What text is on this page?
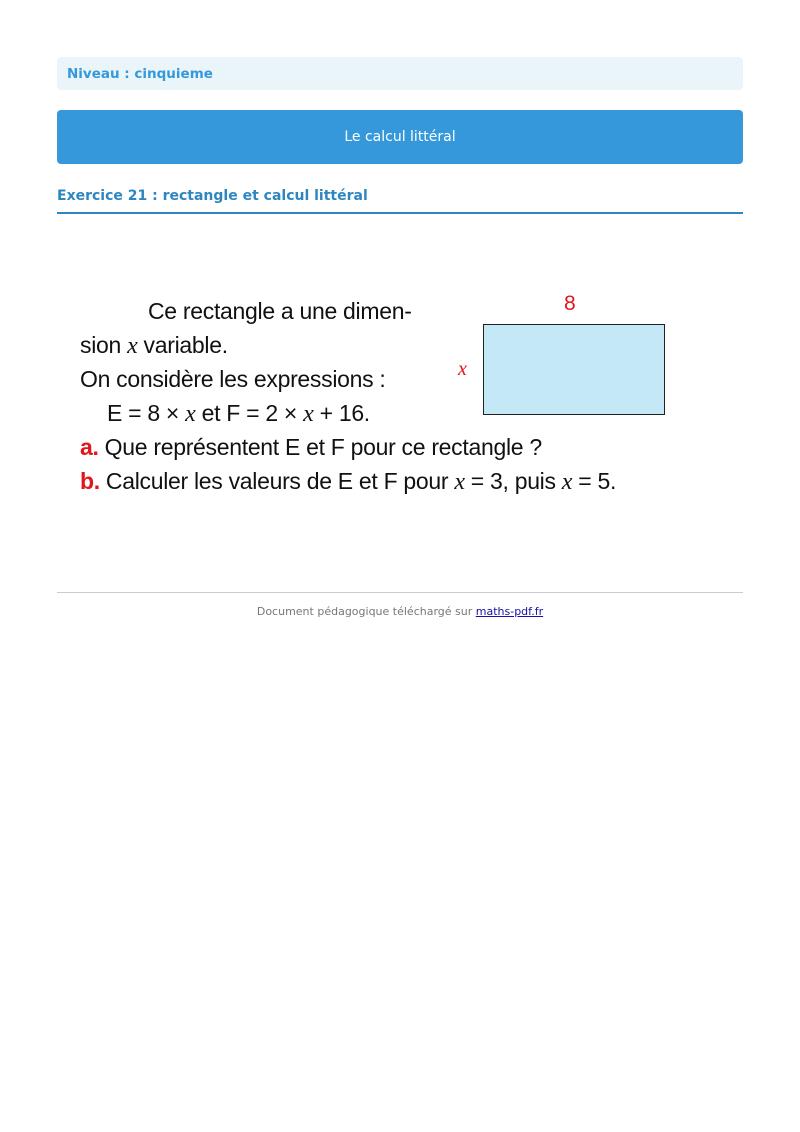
Niveau : cinquieme
Le calcul littéral
Exercice 21 : rectangle et calcul littéral
Ce rectangle a une dimen-
sion x variable.
On considère les expressions :
E = 8 × x et F = 2 × x + 16.
a. Que représentent E et F pour ce rectangle ?
b. Calculer les valeurs de E et F pour x = 3, puis x = 5.
8
x
Document pédagogique téléchargé sur maths-pdf.fr
